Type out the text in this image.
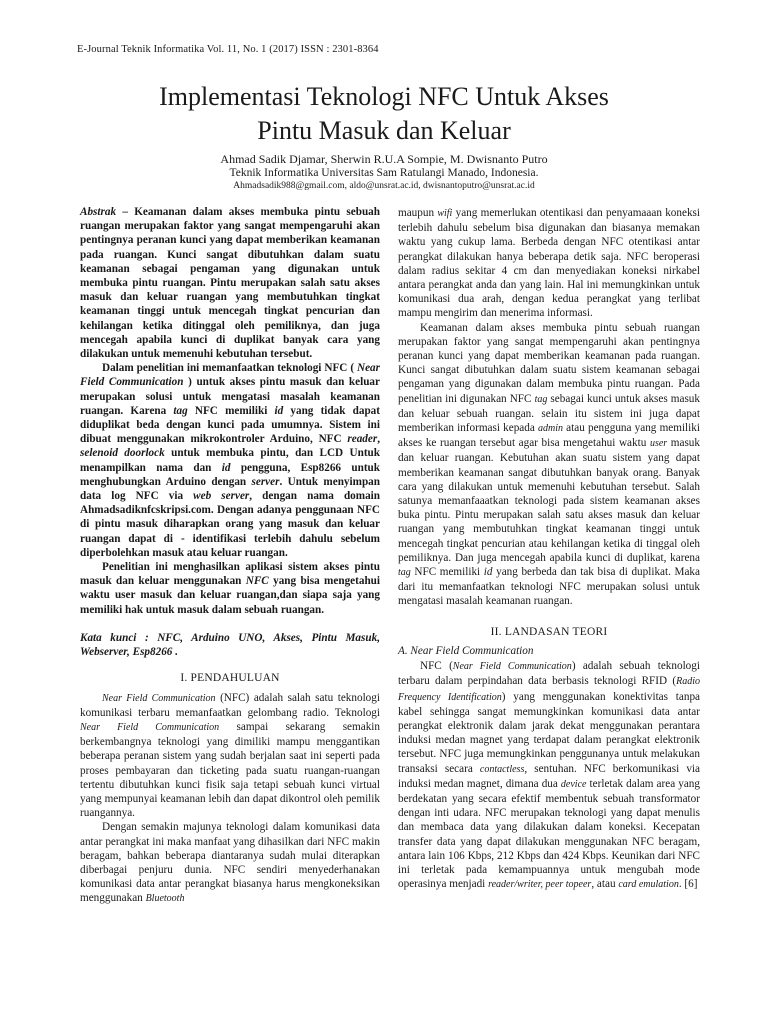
E-Journal Teknik Informatika Vol. 11, No. 1 (2017) ISSN : 2301-8364
Implementasi Teknologi NFC Untuk Akses
Pintu Masuk dan Keluar
Ahmad Sadik Djamar, Sherwin R.U.A Sompie, M. Dwisnanto Putro
Teknik Informatika Universitas Sam Ratulangi Manado, Indonesia.
Ahmadsadik988@gmail.com, aldo@unsrat.ac.id, dwisnantoputro@unsrat.ac.id

Abstrak – Keamanan dalam akses membuka pintu sebuah ruangan merupakan faktor yang sangat mempengaruhi akan pentingnya peranan kunci yang dapat memberikan keamanan pada ruangan. Kunci sangat dibutuhkan dalam suatu keamanan sebagai pengaman yang digunakan untuk membuka pintu ruangan. Pintu merupakan salah satu akses masuk dan keluar ruangan yang membutuhkan tingkat keamanan tinggi untuk mencegah tingkat pencurian dan kehilangan ketika ditinggal oleh pemiliknya, dan juga mencegah apabila kunci di duplikat banyak cara yang dilakukan untuk memenuhi kebutuhan tersebut.

Dalam penelitian ini memanfaatkan teknologi NFC ( Near Field Communication ) untuk akses pintu masuk dan keluar merupakan solusi untuk mengatasi masalah keamanan ruangan. Karena tag NFC memiliki id yang tidak dapat diduplikat beda dengan kunci pada umumnya. Sistem ini dibuat menggunakan mikrokontroler Arduino, NFC reader, selenoid doorlock untuk membuka pintu, dan LCD Untuk menampilkan nama dan id pengguna, Esp8266 untuk menghubungkan Arduino dengan server. Untuk menyimpan data log NFC via web server, dengan nama domain Ahmadsadiknfcskripsi.com. Dengan adanya penggunaan NFC di pintu masuk diharapkan orang yang masuk dan keluar ruangan dapat di - identifikasi terlebih dahulu sebelum diperbolehkan masuk atau keluar ruangan.

Penelitian ini menghasilkan aplikasi sistem akses pintu masuk dan keluar menggunakan NFC yang bisa mengetahui waktu user masuk dan keluar ruangan,dan siapa saja yang memiliki hak untuk masuk dalam sebuah ruangan.

Kata kunci : NFC, Arduino UNO, Akses, Pintu Masuk, Webserver, Esp8266 .

I. PENDAHULUAN

Near Field Communication (NFC) adalah salah satu teknologi komunikasi terbaru memanfaatkan gelombang radio. Teknologi Near Field Communication sampai sekarang semakin berkembangnya teknologi yang dimiliki mampu menggantikan beberapa peranan sistem yang sudah berjalan saat ini seperti pada proses pembayaran dan ticketing pada suatu ruangan-ruangan tertentu dibutuhkan kunci fisik saja tetapi sebuah kunci virtual yang mempunyai keamanan lebih dan dapat dikontrol oleh pemilik ruangannya.

Dengan semakin majunya teknologi dalam komunikasi data antar perangkat ini maka manfaat yang dihasilkan dari NFC makin beragam, bahkan beberapa diantaranya sudah mulai diterapkan diberbagai penjuru dunia. NFC sendiri menyederhanakan komunikasi data antar perangkat biasanya harus mengkoneksikan menggunakan Bluetooth

maupun wifi yang memerlukan otentikasi dan penyamaaan koneksi terlebih dahulu sebelum bisa digunakan dan biasanya memakan waktu yang cukup lama. Berbeda dengan NFC otentikasi antar perangkat dilakukan hanya beberapa detik saja. NFC beroperasi dalam radius sekitar 4 cm dan menyediakan koneksi nirkabel antara perangkat anda dan yang lain. Hal ini memungkinkan untuk komunikasi dua arah, dengan kedua perangkat yang terlibat mampu mengirim dan menerima informasi.

Keamanan dalam akses membuka pintu sebuah ruangan merupakan faktor yang sangat mempengaruhi akan pentingnya peranan kunci yang dapat memberikan keamanan pada ruangan. Kunci sangat dibutuhkan dalam suatu sistem keamanan sebagai pengaman yang digunakan dalam membuka pintu ruangan. Pada penelitian ini digunakan NFC tag sebagai kunci untuk akses masuk dan keluar sebuah ruangan. selain itu sistem ini juga dapat memberikan informasi kepada admin atau pengguna yang memiliki akses ke ruangan tersebut agar bisa mengetahui waktu user masuk dan keluar ruangan. Kebutuhan akan suatu sistem yang dapat memberikan keamanan sangat dibutuhkan banyak orang. Banyak cara yang dilakukan untuk memenuhi kebutuhan tersebut. Salah satunya memanfaaatkan teknologi pada sistem keamanan akses buka pintu. Pintu merupakan salah satu akses masuk dan keluar ruangan yang membutuhkan tingkat keamanan tinggi untuk mencegah tingkat pencurian atau kehilangan ketika di tinggal oleh pemiliknya. Dan juga mencegah apabila kunci di duplikat, karena tag NFC memiliki id yang berbeda dan tak bisa di duplikat. Maka dari itu memanfaatkan teknologi NFC merupakan solusi untuk mengatasi masalah keamanan ruangan.

II. LANDASAN TEORI
A. Near Field Communication

NFC (Near Field Communication) adalah sebuah teknologi terbaru dalam perpindahan data berbasis teknologi RFID (Radio Frequency Identification) yang menggunakan konektivitas tanpa kabel sehingga sangat memungkinkan komunikasi data antar perangkat elektronik dalam jarak dekat menggunakan perantara induksi medan magnet yang terdapat dalam perangkat elektronik tersebut. NFC juga memungkinkan penggunanya untuk melakukan transaksi secara contactless, sentuhan. NFC berkomunikasi via induksi medan magnet, dimana dua device terletak dalam area yang berdekatan yang secara efektif membentuk sebuah transformator dengan inti udara. NFC merupakan teknologi yang dapat menulis dan membaca data yang dilakukan dalam koneksi. Kecepatan transfer data yang dapat dilakukan menggunakan NFC beragam, antara lain 106 Kbps, 212 Kbps dan 424 Kbps. Keunikan dari NFC ini terletak pada kemampuannya untuk mengubah mode operasinya menjadi reader/writer, peer topeer, atau card emulation. [6]
